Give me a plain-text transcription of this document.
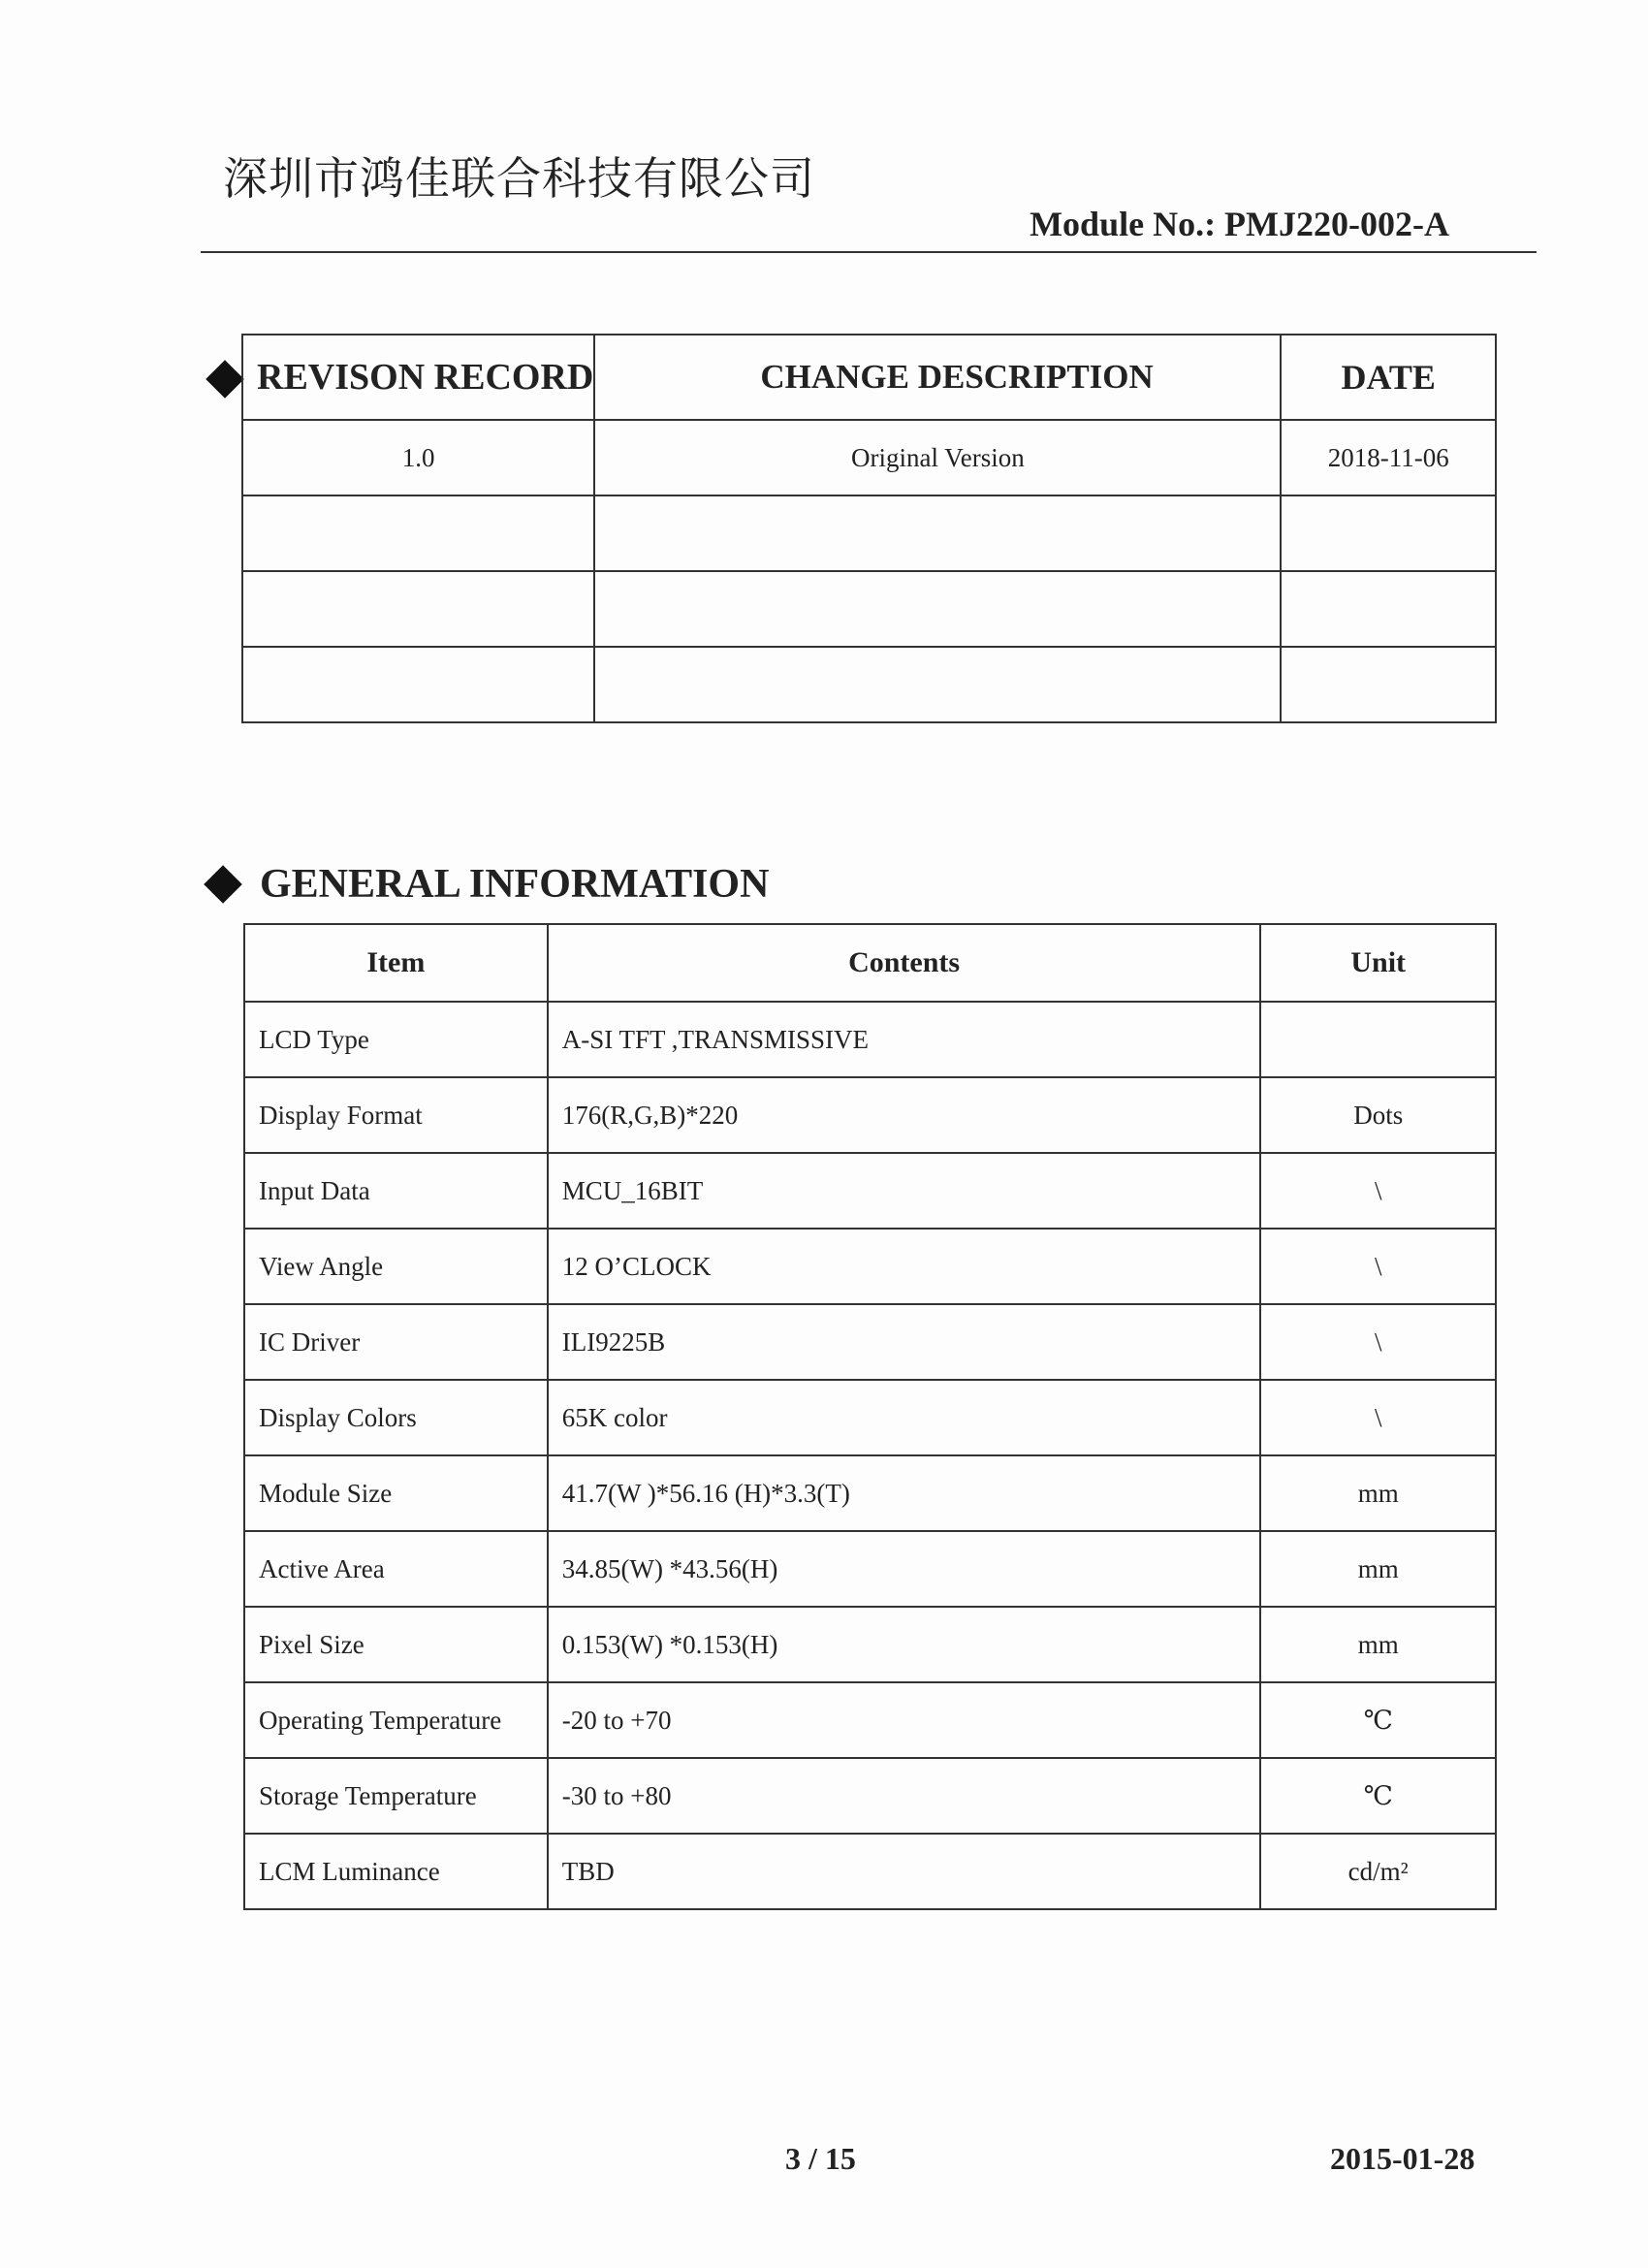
深圳市鸿佳联合科技有限公司
Module No.: PMJ220-002-A
REVISON RECORD	CHANGE DESCRIPTION	DATE
1.0	Original Version	2018-11-06

GENERAL INFORMATION
Item	Contents	Unit
LCD Type	A-SI TFT ,TRANSMISSIVE	
Display Format	176(R,G,B)*220	Dots
Input Data	MCU_16BIT	\
View Angle	12 O’CLOCK	\
IC Driver	ILI9225B	\
Display Colors	65K color	\
Module Size	41.7(W )*56.16 (H)*3.3(T)	mm
Active Area	34.85(W) *43.56(H)	mm
Pixel Size	0.153(W) *0.153(H)	mm
Operating Temperature	-20 to +70	℃
Storage Temperature	-30 to +80	℃
LCM Luminance	TBD	cd/m²
3 / 15	2015-01-28
